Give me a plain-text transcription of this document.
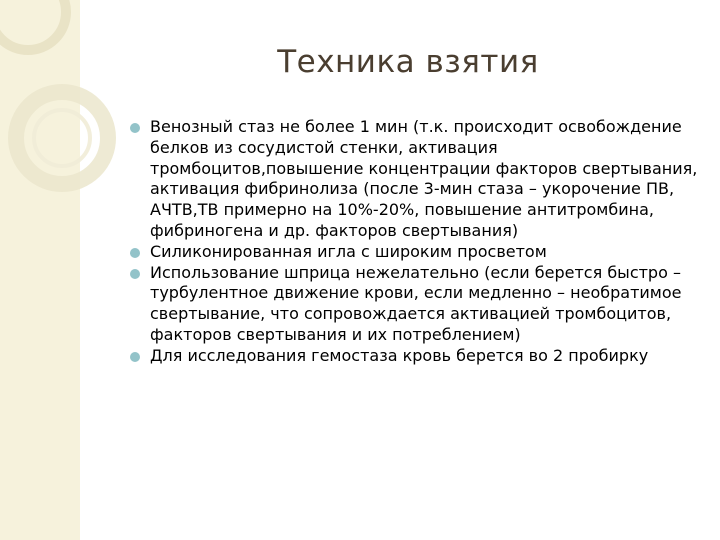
Техника взятия
Венозный стаз не более 1 мин (т.к. происходит освобождение белков из сосудистой стенки, активация тромбоцитов,повышение концентрации факторов свертывания, активация фибринолиза (после 3-мин стаза – укорочение ПВ, АЧТВ,ТВ примерно на 10%-20%, повышение антитромбина, фибриногена и др. факторов свертывания)
Силиконированная игла с широким просветом
Использование шприца нежелательно (если берется быстро – турбулентное движение крови, если медленно – необратимое свертывание, что сопровождается активацией тромбоцитов, факторов свертывания и их потреблением)
Для исследования гемостаза кровь берется во 2 пробирку
